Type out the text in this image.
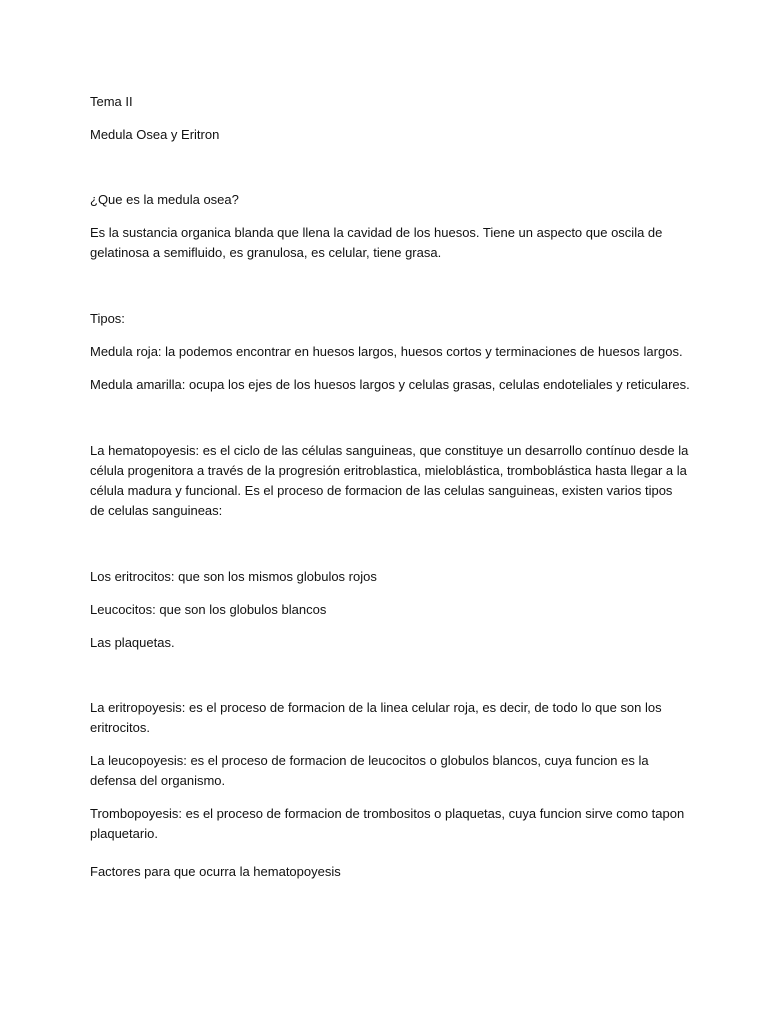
Tema II

Medula Osea y Eritron

¿Que es la medula osea?

Es la sustancia organica blanda que llena la cavidad de los huesos. Tiene un aspecto que oscila de gelatinosa a semifluido, es granulosa, es celular, tiene grasa.

Tipos:

Medula roja: la podemos encontrar en huesos largos, huesos cortos y terminaciones de huesos largos.

Medula amarilla: ocupa los ejes de los huesos largos y celulas grasas, celulas endoteliales y reticulares.

La hematopoyesis: es el ciclo de las células sanguineas, que constituye un desarrollo contínuo desde la célula progenitora a través de la progresión eritroblastica, mieloblástica, tromboblástica hasta llegar a la célula madura y funcional. Es el proceso de formacion de las celulas sanguineas, existen varios tipos de celulas sanguineas:

Los eritrocitos: que son los mismos globulos rojos

Leucocitos: que son los globulos blancos

Las plaquetas.

La eritropoyesis: es el proceso de formacion de la linea celular roja, es decir, de todo lo que son los eritrocitos.

La leucopoyesis: es el proceso de formacion de leucocitos o globulos blancos, cuya funcion es la defensa del organismo.

Trombopoyesis: es el proceso de formacion de trombositos o plaquetas, cuya funcion sirve como tapon plaquetario.

Factores para que ocurra la hematopoyesis
